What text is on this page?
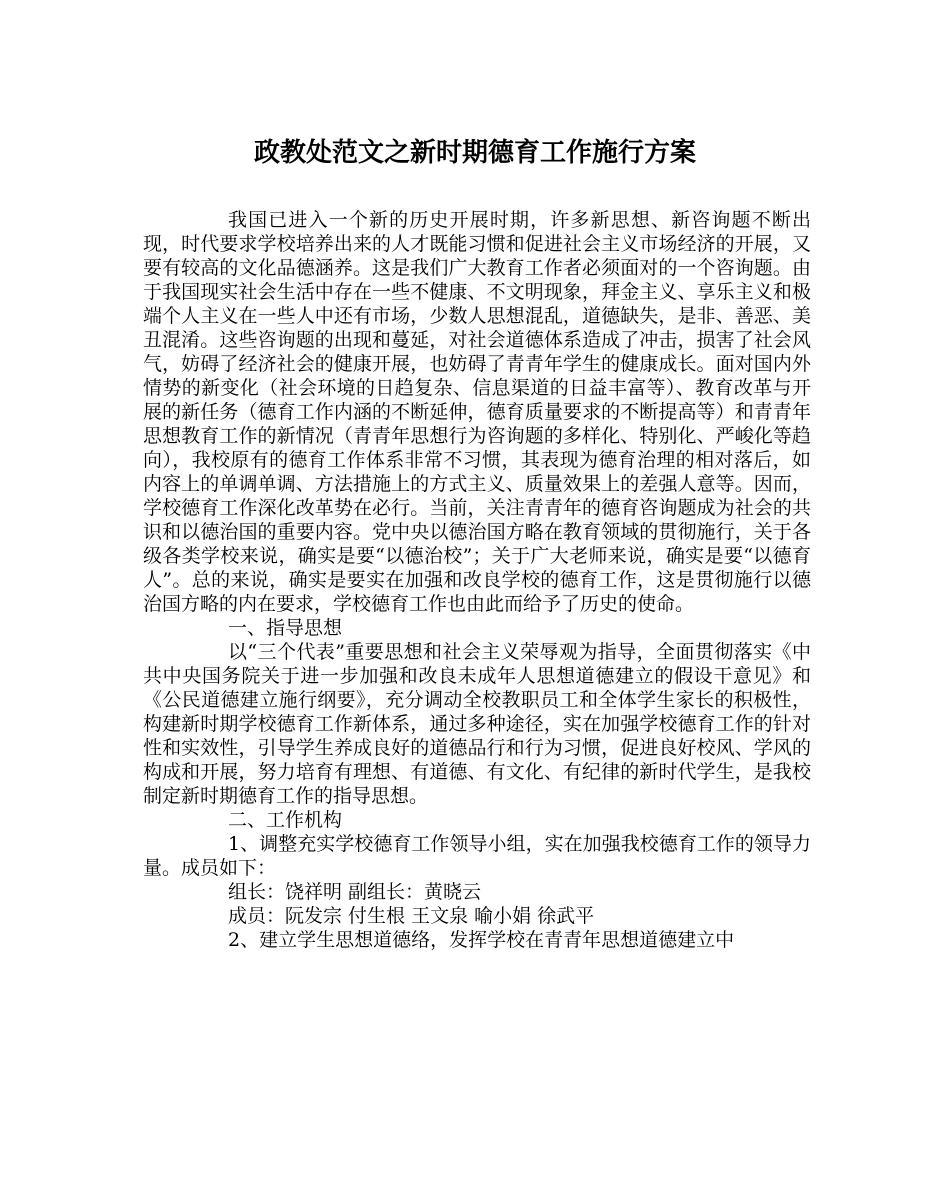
政教处范文之新时期德育工作施行方案

我国已进入一个新的历史开展时期，许多新思想、新咨询题不断出现，时代要求学校培养出来的人才既能习惯和促进社会主义市场经济的开展，又要有较高的文化品德涵养。这是我们广大教育工作者必须面对的一个咨询题。由于我国现实社会生活中存在一些不健康、不文明现象，拜金主义、享乐主义和极端个人主义在一些人中还有市场，少数人思想混乱，道德缺失，是非、善恶、美丑混淆。这些咨询题的出现和蔓延，对社会道德体系造成了冲击，损害了社会风气，妨碍了经济社会的健康开展，也妨碍了青青年学生的健康成长。面对国内外情势的新变化（社会环境的日趋复杂、信息渠道的日益丰富等）、教育改革与开展的新任务（德育工作内涵的不断延伸，德育质量要求的不断提高等）和青青年思想教育工作的新情况（青青年思想行为咨询题的多样化、特别化、严峻化等趋向），我校原有的德育工作体系非常不习惯，其表现为德育治理的相对落后，如内容上的单调单调、方法措施上的方式主义、质量效果上的差强人意等。因而，学校德育工作深化改革势在必行。当前，关注青青年的德育咨询题成为社会的共识和以德治国的重要内容。党中央以德治国方略在教育领域的贯彻施行，关于各级各类学校来说，确实是要“以德治校”；关于广大老师来说，确实是要“以德育人”。总的来说，确实是要实在加强和改良学校的德育工作，这是贯彻施行以德治国方略的内在要求，学校德育工作也由此而给予了历史的使命。

一、指导思想

以“三个代表”重要思想和社会主义荣辱观为指导，全面贯彻落实《中共中央国务院关于进一步加强和改良未成年人思想道德建立的假设干意见》和《公民道德建立施行纲要》，充分调动全校教职员工和全体学生家长的积极性，构建新时期学校德育工作新体系，通过多种途径，实在加强学校德育工作的针对性和实效性，引导学生养成良好的道德品行和行为习惯，促进良好校风、学风的构成和开展，努力培育有理想、有道德、有文化、有纪律的新时代学生，是我校制定新时期德育工作的指导思想。

二、工作机构

1、调整充实学校德育工作领导小组，实在加强我校德育工作的领导力量。成员如下：

组长：饶祥明 副组长：黄晓云

成员：阮发宗 付生根 王文泉 喻小娟 徐武平

2、建立学生思想道德络，发挥学校在青青年思想道德建立中
